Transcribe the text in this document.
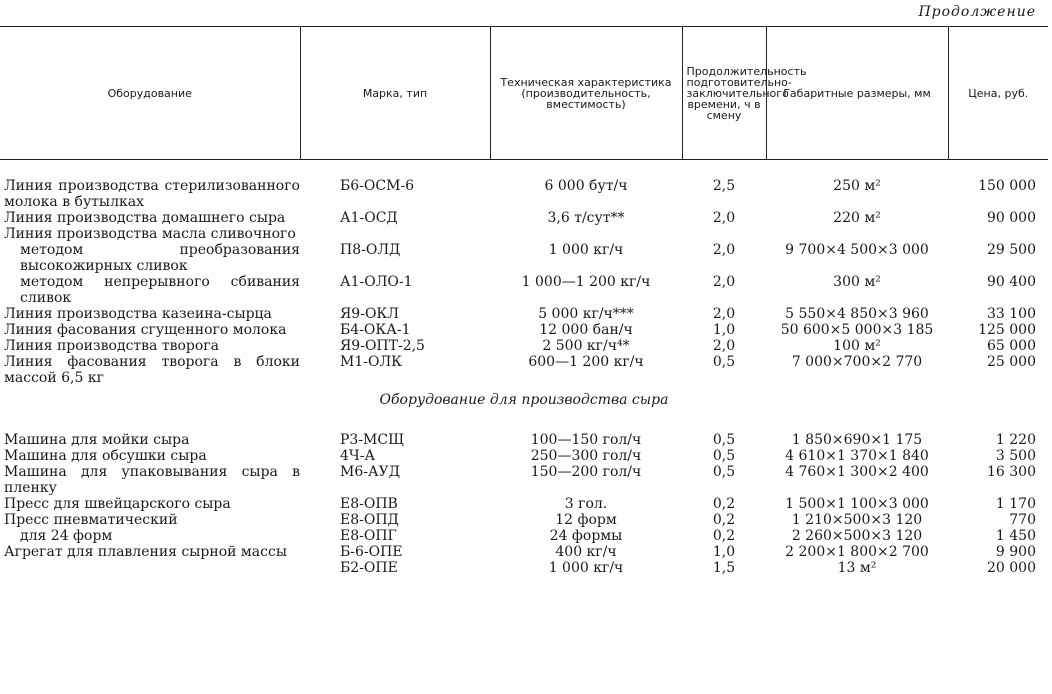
Продолжение
Оборудование	Марка, тип	Техническая характеристика (производительность, вместимость)	Продолжительность подготовительно-заключительного времени, ч в смену	Габаритные размеры, мм	Цена, руб.

Линия производства стерилизованного молока в бутылках	Б6-ОСМ-6	6 000 бут/ч	2,5	250 м²	150 000
Линия производства домашнего сыра	А1-ОСД	3,6 т/сут**	2,0	220 м²	90 000
Линия производства масла сливочного					
методом преобразования высокожирных сливок	П8-ОЛД	1 000 кг/ч	2,0	9 700×4 500×3 000	29 500
методом непрерывного сбивания сливок	А1-ОЛО-1	1 000—1 200 кг/ч	2,0	300 м²	90 400
Линия производства казеина-сырца	Я9-ОКЛ	5 000 кг/ч***	2,0	5 550×4 850×3 960	33 100
Линия фасования сгущенного молока	Б4-ОКА-1	12 000 бан/ч	1,0	50 600×5 000×3 185	125 000
Линия производства творога	Я9-ОПТ-2,5	2 500 кг/ч⁴*	2,0	100 м²	65 000
Линия фасования творога в блоки массой 6,5 кг	М1-ОЛК	600—1 200 кг/ч	0,5	7 000×700×2 770	25 000
Оборудование для производства сыра					

Машина для мойки сыра	Р3-МСЩ	100—150 гол/ч	0,5	1 850×690×1 175	1 220
Машина для обсушки сыра	4Ч-А	250—300 гол/ч	0,5	4 610×1 370×1 840	3 500
Машина для упаковывания сыра в пленку	М6-АУД	150—200 гол/ч	0,5	4 760×1 300×2 400	16 300
Пресс для швейцарского сыра	Е8-ОПВ	3 гол.	0,2	1 500×1 100×3 000	1 170
Пресс пневматический	Е8-ОПД	12 форм	0,2	1 210×500×3 120	770
для 24 форм	Е8-ОПГ	24 формы	0,2	2 260×500×3 120	1 450
Агрегат для плавления сырной массы	Б-6-ОПЕ	400 кг/ч	1,0	2 200×1 800×2 700	9 900
	Б2-ОПЕ	1 000 кг/ч	1,5	13 м²	20 000
